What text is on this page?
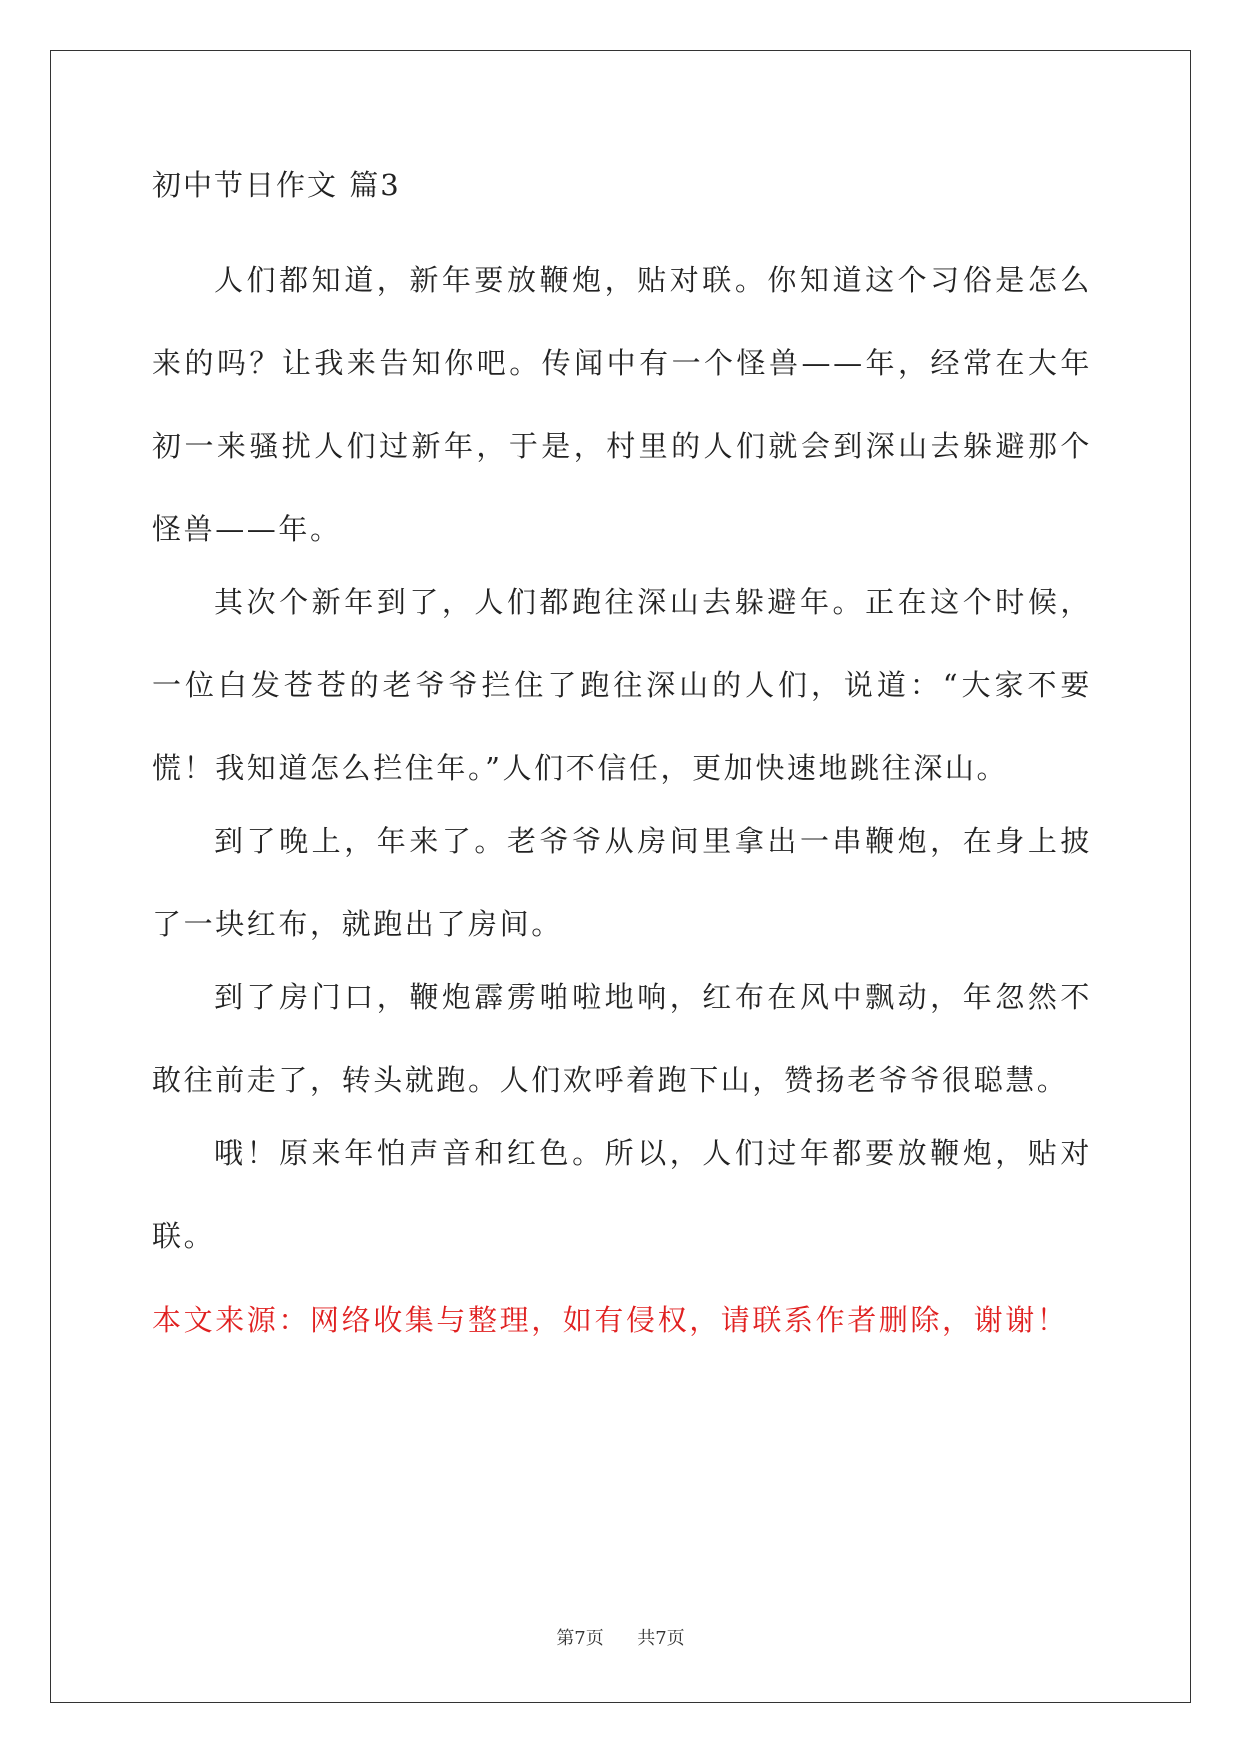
初中节日作文 篇3

人们都知道，新年要放鞭炮，贴对联。你知道这个习俗是怎么来的吗？让我来告知你吧。传闻中有一个怪兽——年，经常在大年初一来骚扰人们过新年，于是，村里的人们就会到深山去躲避那个怪兽——年。

其次个新年到了，人们都跑往深山去躲避年。正在这个时候，一位白发苍苍的老爷爷拦住了跑往深山的人们，说道：“大家不要慌！我知道怎么拦住年。”人们不信任，更加快速地跳往深山。

到了晚上，年来了。老爷爷从房间里拿出一串鞭炮，在身上披了一块红布，就跑出了房间。

到了房门口，鞭炮霹雳啪啦地响，红布在风中飘动，年忽然不敢往前走了，转头就跑。人们欢呼着跑下山，赞扬老爷爷很聪慧。

哦！原来年怕声音和红色。所以，人们过年都要放鞭炮，贴对联。

本文来源：网络收集与整理，如有侵权，请联系作者删除，谢谢！
第7页 共7页
